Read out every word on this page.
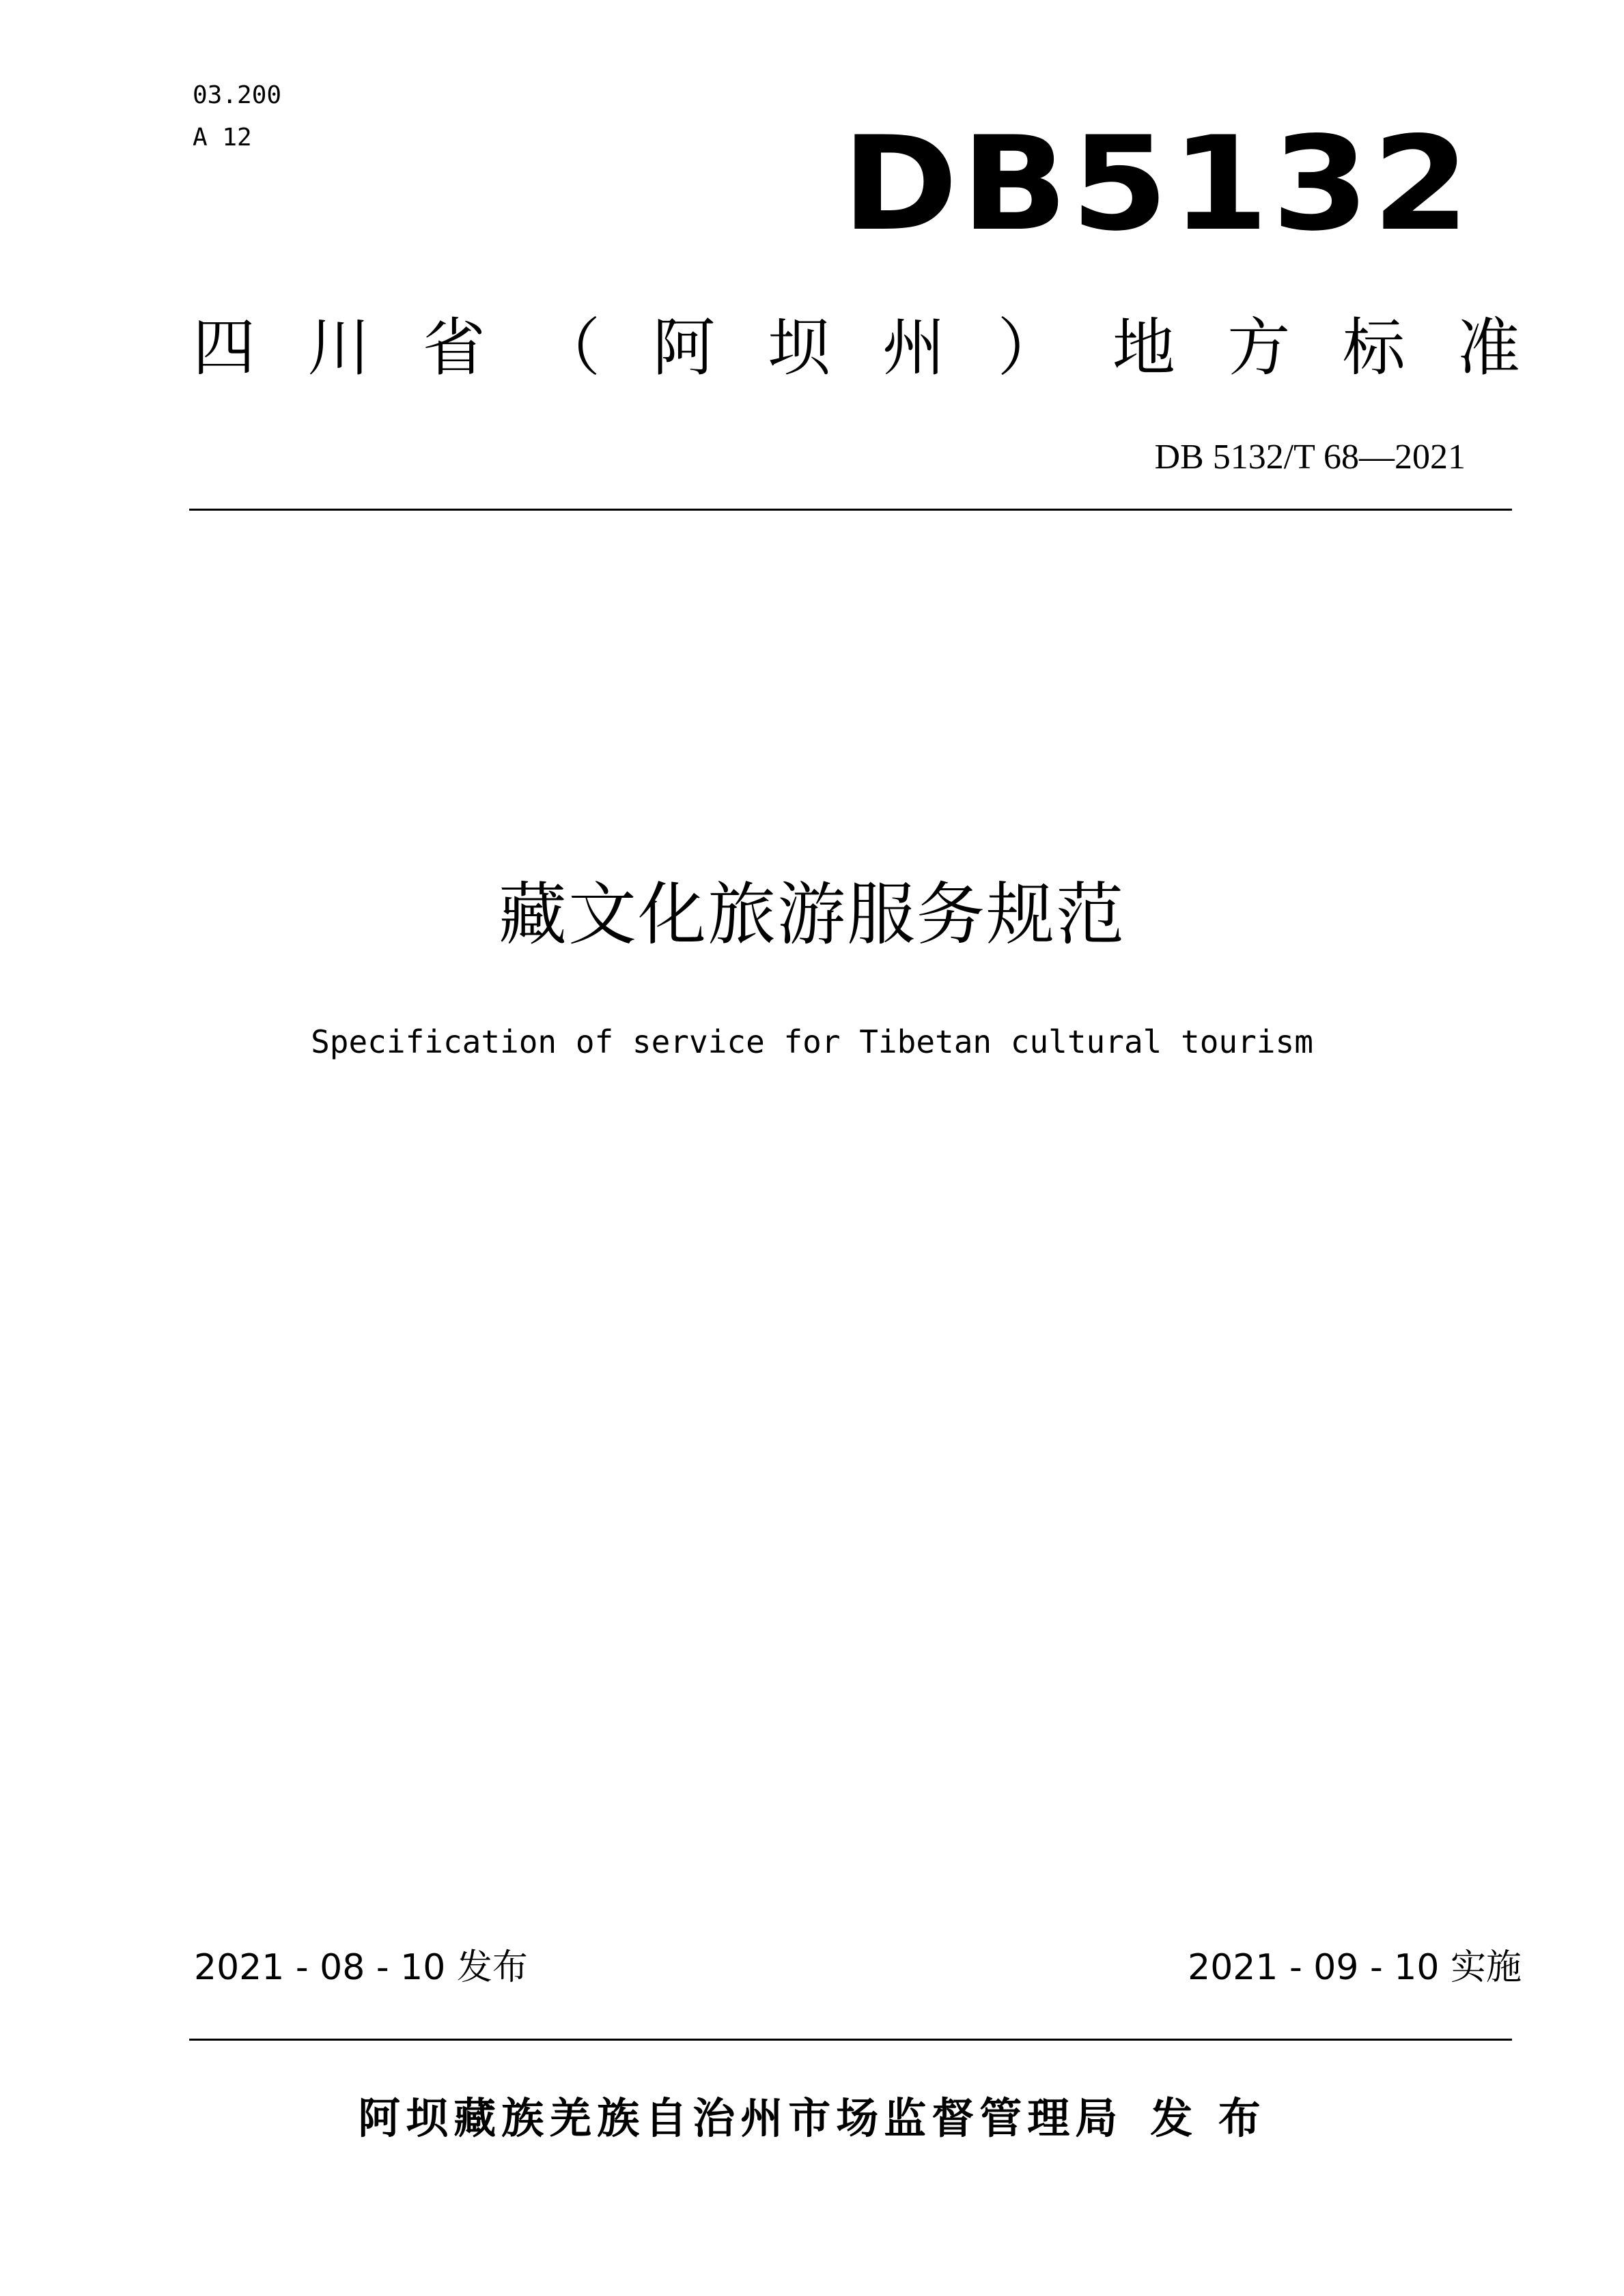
03.200
A 12	DB5132
四 川 省 （ 阿 坝 州 ） 地 方 标 准
DB 5132/T 68—2021
藏文化旅游服务规范
Specification of service for Tibetan cultural tourism
2021 - 08 - 10 发布	2021 - 09 - 10 实施
阿坝藏族羌族自治州市场监督管理局 发 布
